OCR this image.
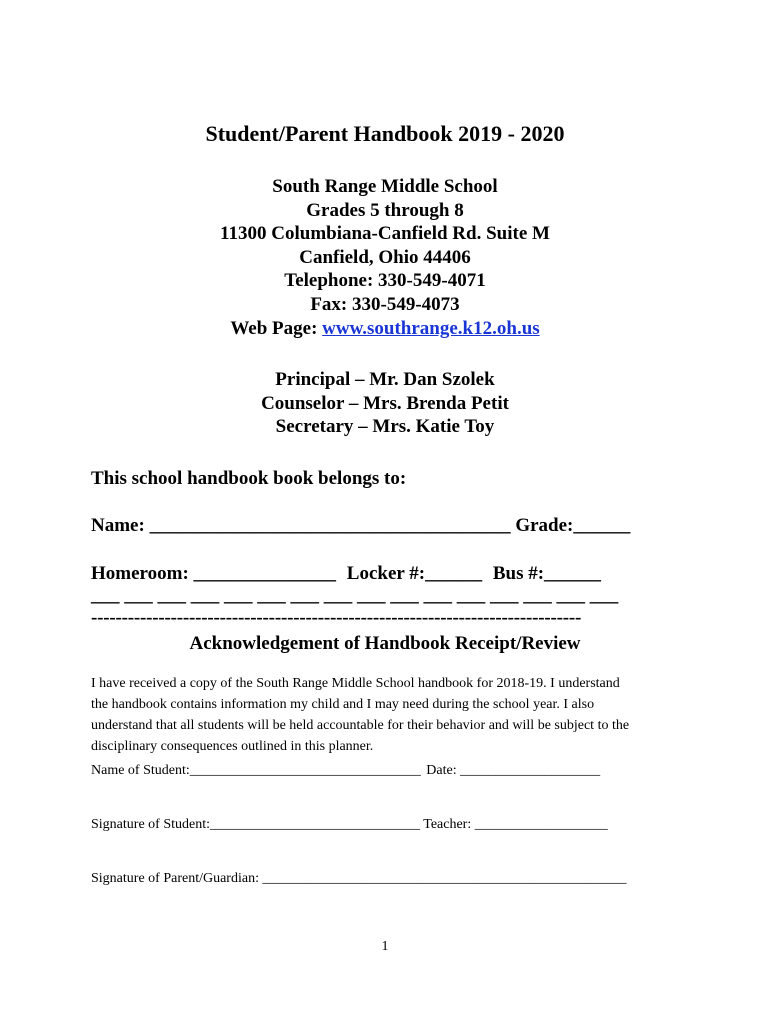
Student/Parent Handbook 2019 - 2020
South Range Middle School
Grades 5 through 8
11300 Columbiana-Canfield Rd. Suite M
Canfield, Ohio 44406
Telephone: 330-549-4071
Fax: 330-549-4073
Web Page: www.southrange.k12.oh.us
Principal – Mr. Dan Szolek
Counselor – Mrs. Brenda Petit
Secretary – Mrs. Katie Toy
This school handbook book belongs to:
Name: ______________________________________ Grade:______
Homeroom: _______________ Locker #:______ Bus #:______
___ ___ ___ ___ ___ ___ ___ ___ ___ ___ ___ ___ ___ ___ ___ ___
--------------------------------------------------------------------------------
Acknowledgement of Handbook Receipt/Review
I have received a copy of the South Range Middle School handbook for 2018-19. I understand
the handbook contains information my child and I may need during the school year. I also
understand that all students will be held accountable for their behavior and will be subject to the
disciplinary consequences outlined in this planner.
Name of Student:_________________________________ Date: ____________________
Signature of Student:______________________________ Teacher: ___________________
Signature of Parent/Guardian: ____________________________________________________
1
